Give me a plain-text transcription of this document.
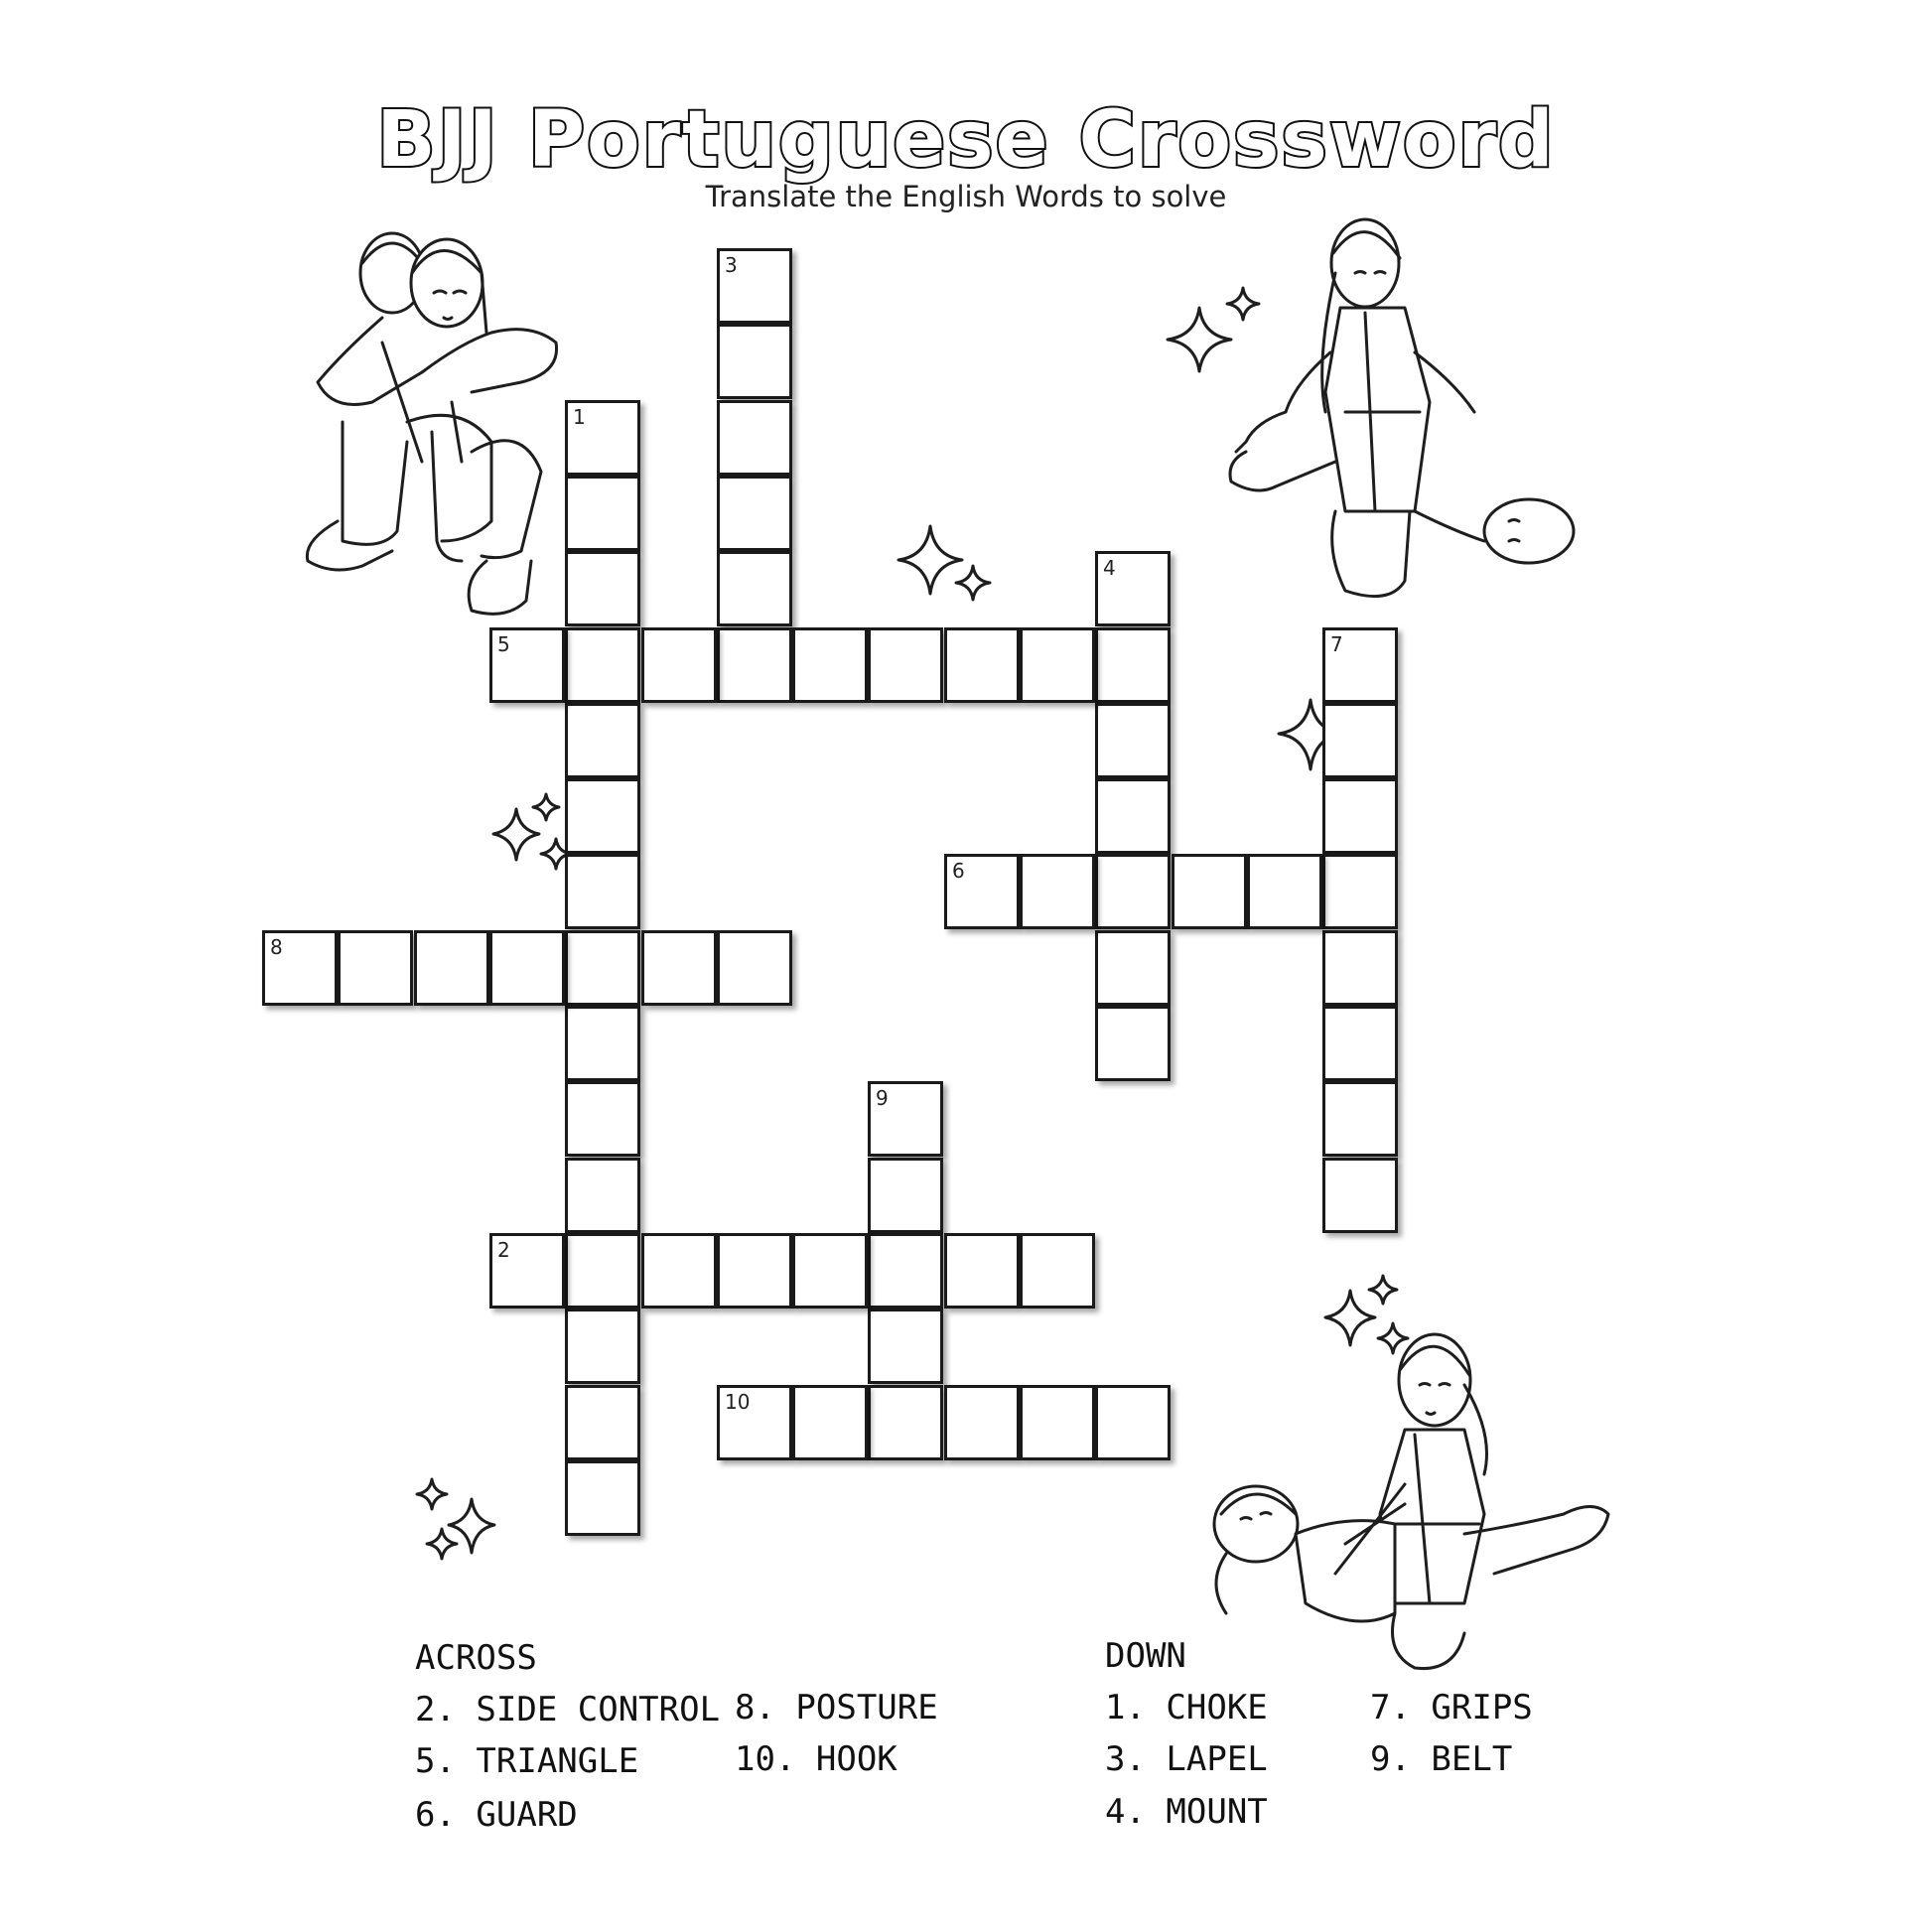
BJJ Portuguese Crossword
Translate the English Words to solve
1
3
4
7
9
5
6
8
2
10
ACROSS
2. SIDE CONTROL
5. TRIANGLE
6. GUARD
8. POSTURE
10. HOOK
DOWN
1. CHOKE
3. LAPEL
4. MOUNT
7. GRIPS
9. BELT
